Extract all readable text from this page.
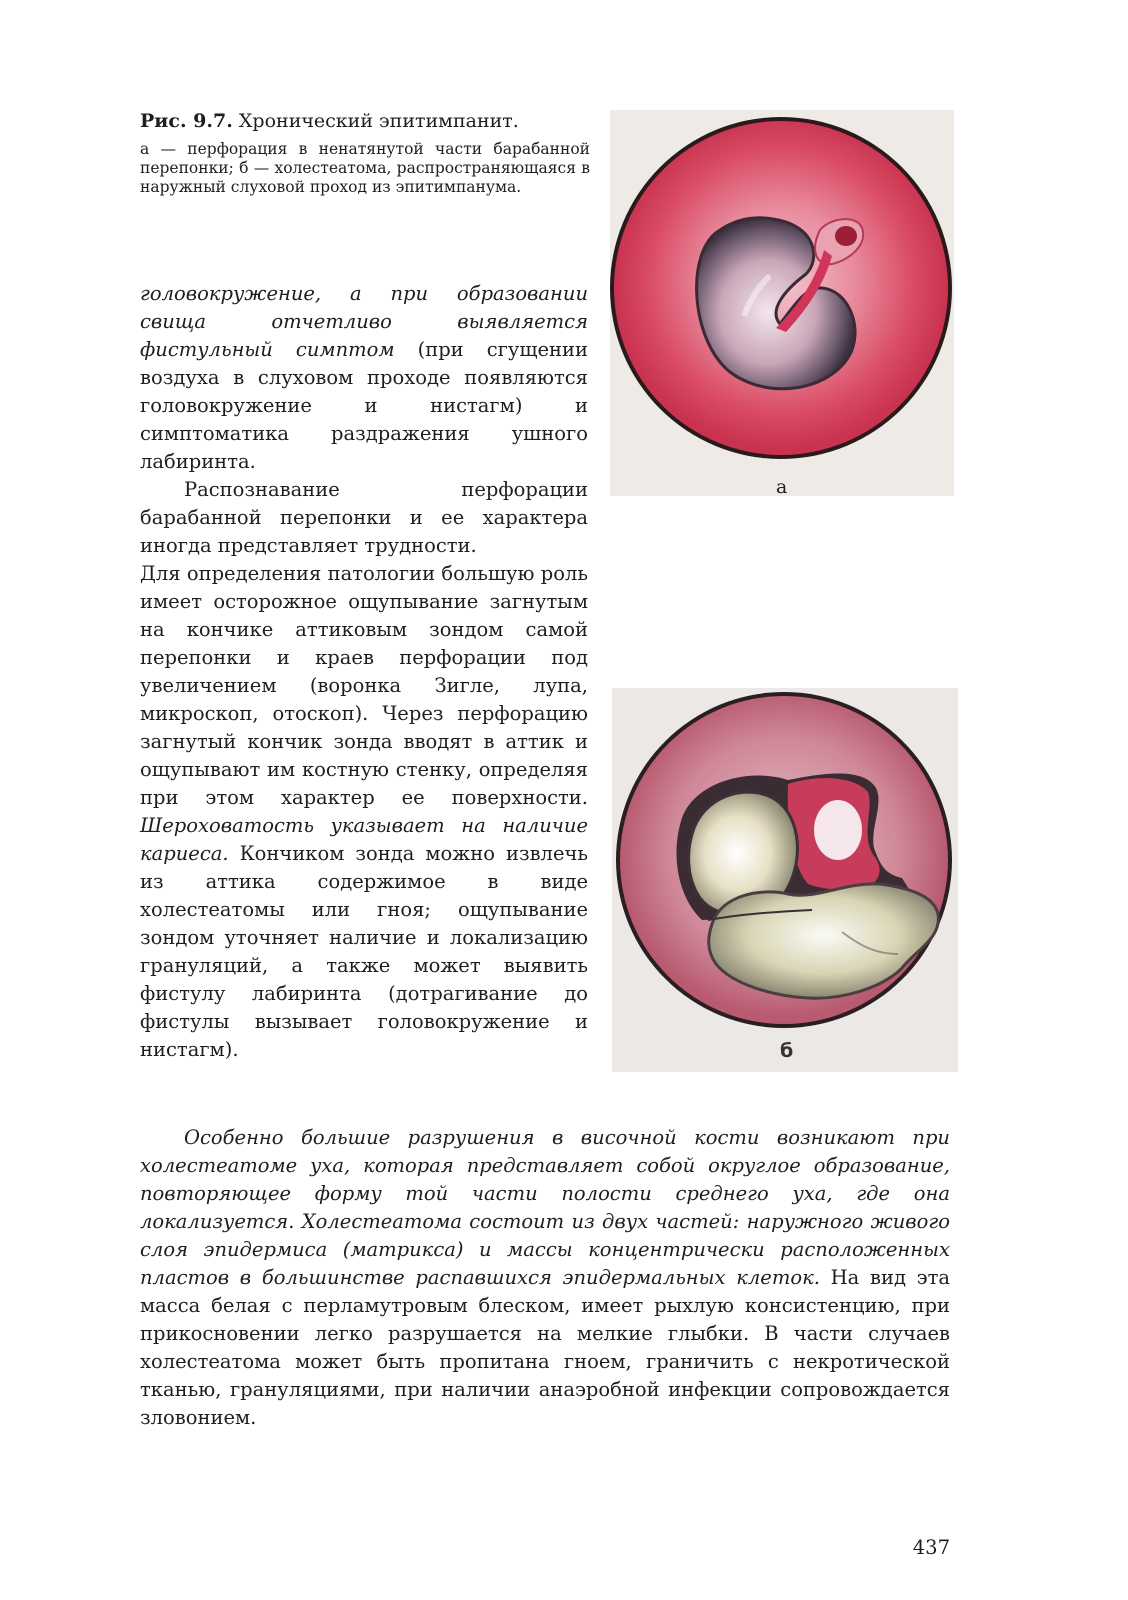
Рис. 9.7. Хронический эпитимпанит.

а — перфорация в ненатянутой части барабанной перепонки; б — холестеатома, распространяющаяся в наружный слуховой проход из эпитимпанума.

а
б

головокружение, а при образовании свища отчетливо выявляется фистульный симптом (при сгущении воздуха в слуховом проходе появляются головокружение и нистагм) и симптоматика раздражения ушного лабиринта.

Распознавание перфорации барабанной перепонки и ее характера иногда представляет трудности.

Для определения патологии большую роль имеет осторожное ощупывание загнутым на кончике аттиковым зондом самой перепонки и краев перфорации под увеличением (воронка Зигле, лупа, микроскоп, отоскоп). Через перфорацию загнутый кончик зонда вводят в аттик и ощупывают им костную стенку, определяя при этом характер ее поверхности. Шероховатость указывает на наличие кариеса. Кончиком зонда можно извлечь из аттика содержимое в виде холестеатомы или гноя; ощупывание зондом уточняет наличие и локализацию грануляций, а также может выявить фистулу лабиринта (дотрагивание до фистулы вызывает головокружение и нистагм).

Особенно большие разрушения в височной кости возникают при холестеатоме уха, которая представляет собой округлое образование, повторяющее форму той части полости среднего уха, где она локализуется. Холестеатома состоит из двух частей: наружного живого слоя эпидермиса (матрикса) и массы концентрически расположенных пластов в большинстве распавшихся эпидермальных клеток. На вид эта масса белая с перламутровым блеском, имеет рыхлую консистенцию, при прикосновении легко разрушается на мелкие глыбки. В части случаев холестеатома может быть пропитана гноем, граничить с некротической тканью, грануляциями, при наличии анаэробной инфекции сопровождается зловонием.

437
